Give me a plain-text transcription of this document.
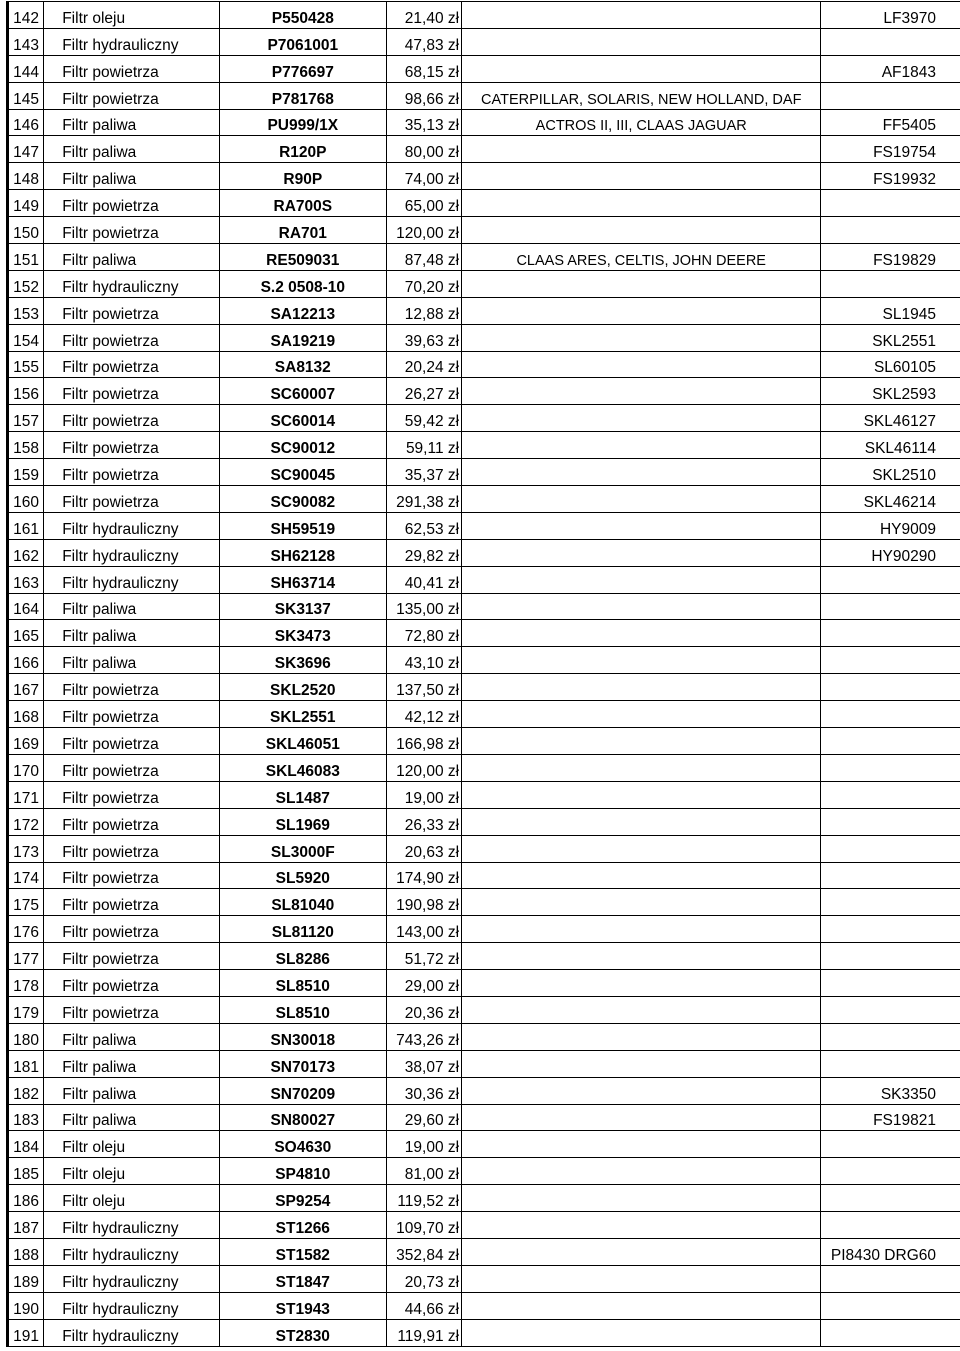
142	Filtr oleju	P550428	21,40 zł		LF3970
143	Filtr hydrauliczny	P7061001	47,83 zł		
144	Filtr powietrza	P776697	68,15 zł		AF1843
145	Filtr powietrza	P781768	98,66 zł	CATERPILLAR, SOLARIS, NEW HOLLAND, DAF	
146	Filtr paliwa	PU999/1X	35,13 zł	ACTROS II, III, CLAAS JAGUAR	FF5405
147	Filtr paliwa	R120P	80,00 zł		FS19754
148	Filtr paliwa	R90P	74,00 zł		FS19932
149	Filtr powietrza	RA700S	65,00 zł		
150	Filtr powietrza	RA701	120,00 zł		
151	Filtr paliwa	RE509031	87,48 zł	CLAAS ARES, CELTIS, JOHN DEERE	FS19829
152	Filtr hydrauliczny	S.2 0508-10	70,20 zł		
153	Filtr powietrza	SA12213	12,88 zł		SL1945
154	Filtr powietrza	SA19219	39,63 zł		SKL2551
155	Filtr powietrza	SA8132	20,24 zł		SL60105
156	Filtr powietrza	SC60007	26,27 zł		SKL2593
157	Filtr powietrza	SC60014	59,42 zł		SKL46127
158	Filtr powietrza	SC90012	59,11 zł		SKL46114
159	Filtr powietrza	SC90045	35,37 zł		SKL2510
160	Filtr powietrza	SC90082	291,38 zł		SKL46214
161	Filtr hydrauliczny	SH59519	62,53 zł		HY9009
162	Filtr hydrauliczny	SH62128	29,82 zł		HY90290
163	Filtr hydrauliczny	SH63714	40,41 zł		
164	Filtr paliwa	SK3137	135,00 zł		
165	Filtr paliwa	SK3473	72,80 zł		
166	Filtr paliwa	SK3696	43,10 zł		
167	Filtr powietrza	SKL2520	137,50 zł		
168	Filtr powietrza	SKL2551	42,12 zł		
169	Filtr powietrza	SKL46051	166,98 zł		
170	Filtr powietrza	SKL46083	120,00 zł		
171	Filtr powietrza	SL1487	19,00 zł		
172	Filtr powietrza	SL1969	26,33 zł		
173	Filtr powietrza	SL3000F	20,63 zł		
174	Filtr powietrza	SL5920	174,90 zł		
175	Filtr powietrza	SL81040	190,98 zł		
176	Filtr powietrza	SL81120	143,00 zł		
177	Filtr powietrza	SL8286	51,72 zł		
178	Filtr powietrza	SL8510	29,00 zł		
179	Filtr powietrza	SL8510	20,36 zł		
180	Filtr paliwa	SN30018	743,26 zł		
181	Filtr paliwa	SN70173	38,07 zł		
182	Filtr paliwa	SN70209	30,36 zł		SK3350
183	Filtr paliwa	SN80027	29,60 zł		FS19821
184	Filtr oleju	SO4630	19,00 zł		
185	Filtr oleju	SP4810	81,00 zł		
186	Filtr oleju	SP9254	119,52 zł		
187	Filtr hydrauliczny	ST1266	109,70 zł		
188	Filtr hydrauliczny	ST1582	352,84 zł		PI8430 DRG60
189	Filtr hydrauliczny	ST1847	20,73 zł		
190	Filtr hydrauliczny	ST1943	44,66 zł		
191	Filtr hydrauliczny	ST2830	119,91 zł		
